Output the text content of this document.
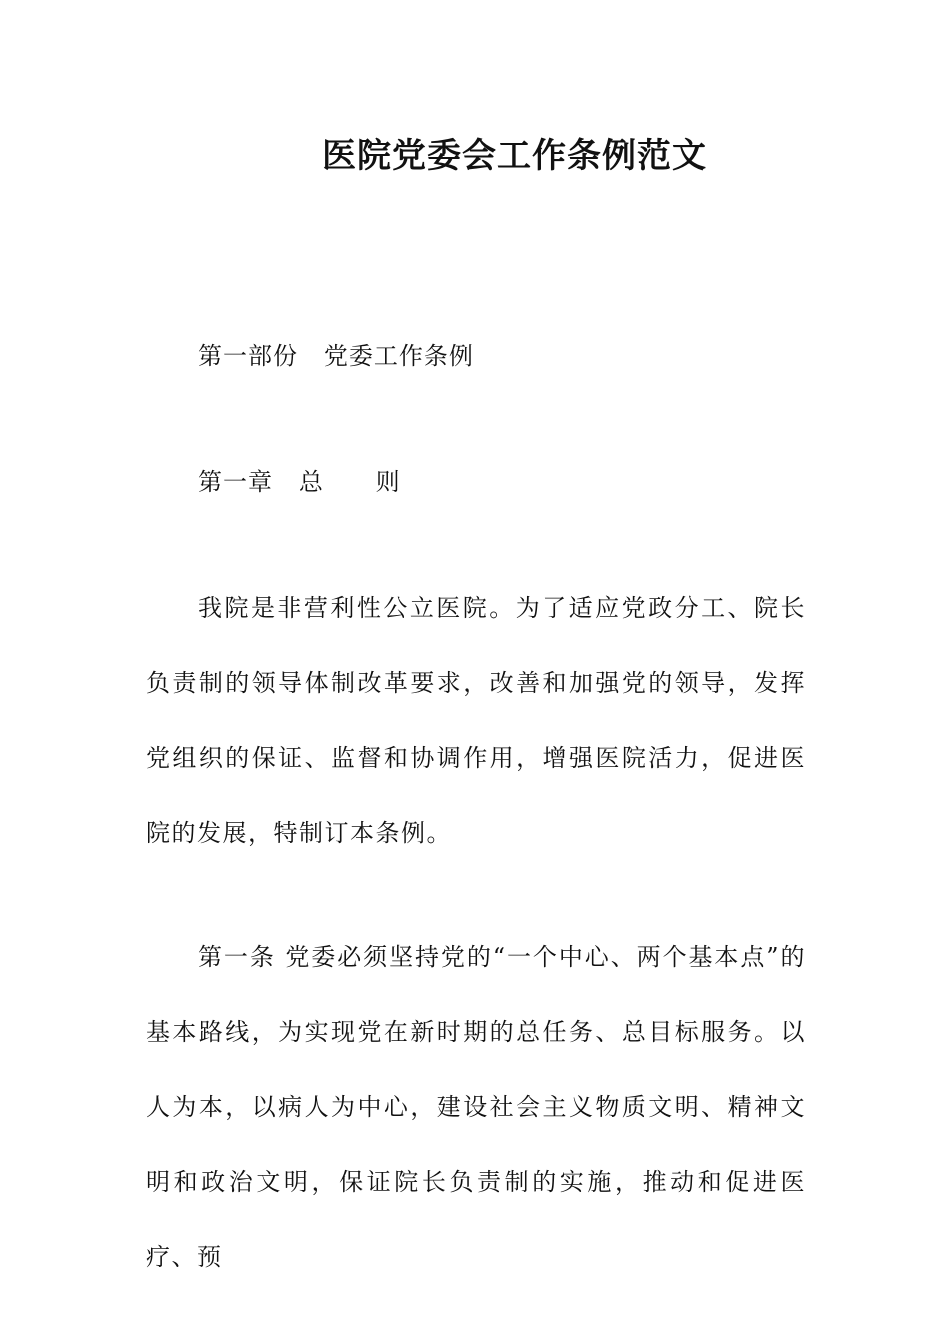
医院党委会工作条例范文

第一部份   党委工作条例

第一章   总      则

我院是非营利性公立医院。为了适应党政分工、院长负责制的领导体制改革要求，改善和加强党的领导，发挥党组织的保证、监督和协调作用，增强医院活力，促进医院的发展，特制订本条例。

第一条 党委必须坚持党的“一个中心、两个基本点”的基本路线，为实现党在新时期的总任务、总目标服务。以人为本，以病人为中心，建设社会主义物质文明、精神文明和政治文明，保证院长负责制的实施，推动和促进医疗、预
